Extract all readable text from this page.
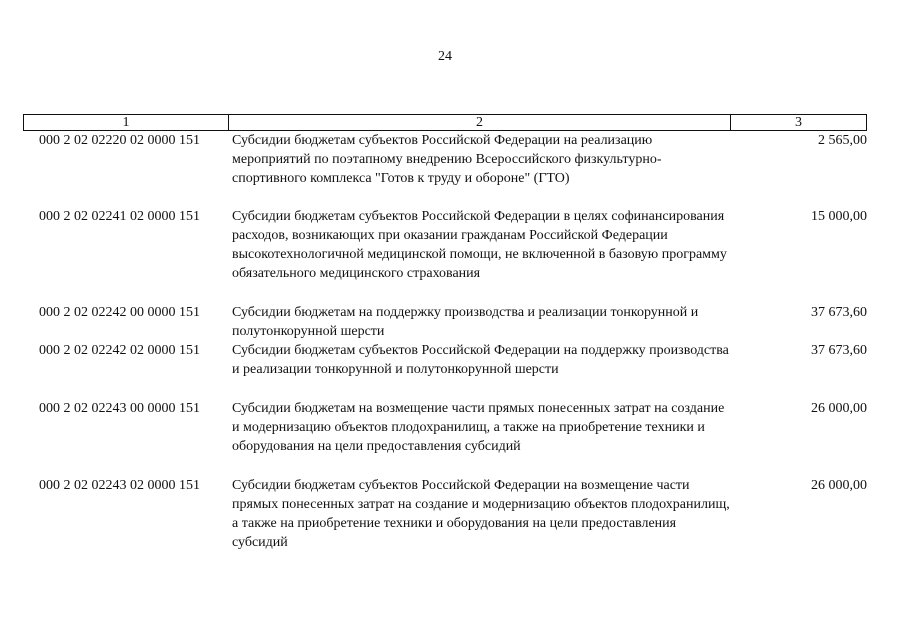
24
1	2	3
000 2 02 02220 02 0000 151 Субсидии бюджетам субъектов Российской Федерации на реализацию мероприятий по поэтапному внедрению Всероссийского физкультурно-спортивного комплекса "Готов к труду и обороне" (ГТО)
2 565,00
000 2 02 02241 02 0000 151 Субсидии бюджетам субъектов Российской Федерации в целях софинансирования расходов, возникающих при оказании гражданам Российской Федерации высокотехнологичной медицинской помощи, не включенной в базовую программу обязательного медицинского страхования
15 000,00
000 2 02 02242 00 0000 151 Субсидии бюджетам на поддержку производства и реализации тонкорунной и полутонкорунной шерсти
37 673,60
000 2 02 02242 02 0000 151 Субсидии бюджетам субъектов Российской Федерации на поддержку производства и реализации тонкорунной и полутонкорунной шерсти
37 673,60
000 2 02 02243 00 0000 151 Субсидии бюджетам на возмещение части прямых понесенных затрат на создание и модернизацию объектов плодохранилищ, а также на приобретение техники и оборудования на цели предоставления субсидий
26 000,00
000 2 02 02243 02 0000 151 Субсидии бюджетам субъектов Российской Федерации на возмещение части прямых понесенных затрат на создание и модернизацию объектов плодохранилищ, а также на приобретение техники и оборудования на цели предоставления субсидий
26 000,00
